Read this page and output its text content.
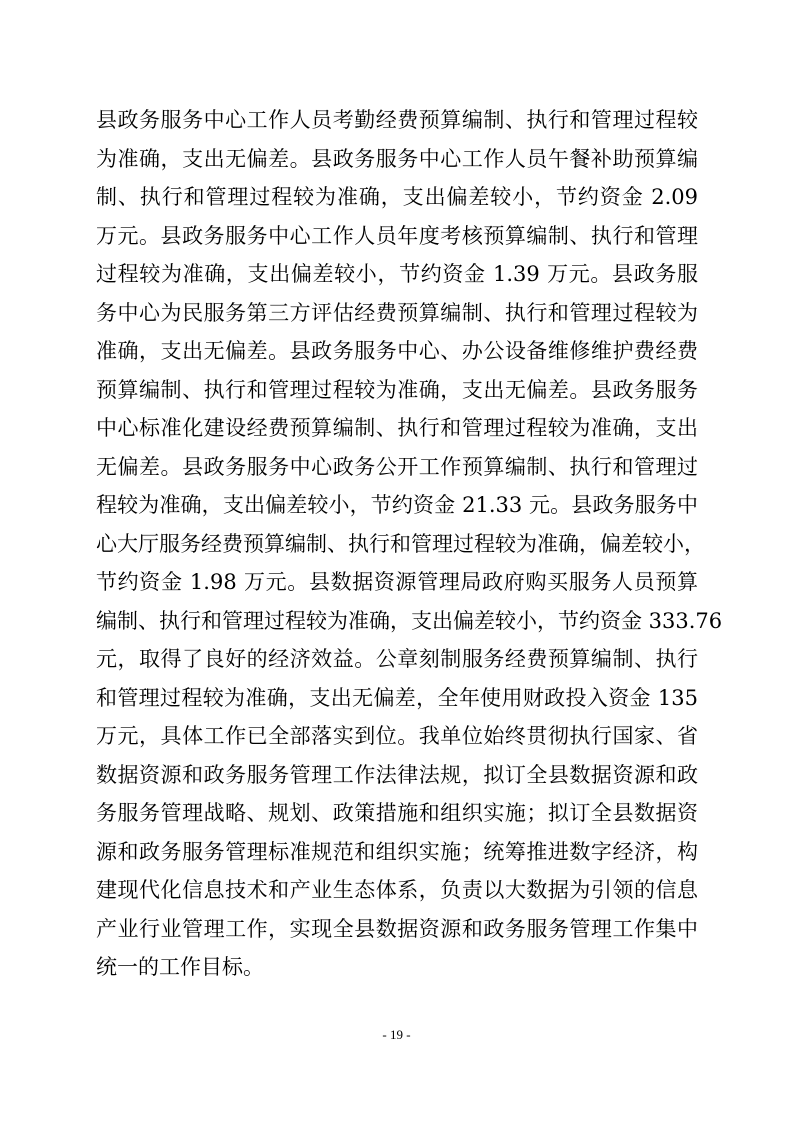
县政务服务中心工作人员考勤经费预算编制、执行和管理过程较
为准确，支出无偏差。县政务服务中心工作人员午餐补助预算编
制、执行和管理过程较为准确，支出偏差较小，节约资金 2.09
万元。县政务服务中心工作人员年度考核预算编制、执行和管理
过程较为准确，支出偏差较小，节约资金 1.39 万元。县政务服
务中心为民服务第三方评估经费预算编制、执行和管理过程较为
准确，支出无偏差。县政务服务中心、办公设备维修维护费经费
预算编制、执行和管理过程较为准确，支出无偏差。县政务服务
中心标准化建设经费预算编制、执行和管理过程较为准确，支出
无偏差。县政务服务中心政务公开工作预算编制、执行和管理过
程较为准确，支出偏差较小，节约资金 21.33 元。县政务服务中
心大厅服务经费预算编制、执行和管理过程较为准确，偏差较小，
节约资金 1.98 万元。县数据资源管理局政府购买服务人员预算
编制、执行和管理过程较为准确，支出偏差较小，节约资金 333.76
元，取得了良好的经济效益。公章刻制服务经费预算编制、执行
和管理过程较为准确，支出无偏差，全年使用财政投入资金 135
万元，具体工作已全部落实到位。我单位始终贯彻执行国家、省
数据资源和政务服务管理工作法律法规，拟订全县数据资源和政
务服务管理战略、规划、政策措施和组织实施；拟订全县数据资
源和政务服务管理标准规范和组织实施；统筹推进数字经济，构
建现代化信息技术和产业生态体系，负责以大数据为引领的信息
产业行业管理工作，实现全县数据资源和政务服务管理工作集中
统一的工作目标。
- 19 -
